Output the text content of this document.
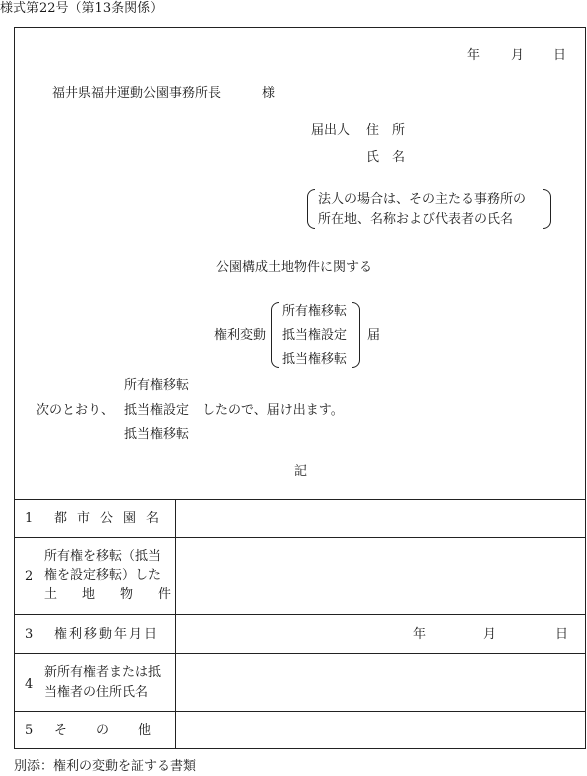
様式第22号（第13条関係）
年 月 日
福井県福井運動公園事務所長	様
届出人 住　所
氏　名
法人の場合は、その主たる事務所の
所在地、名称および代表者の氏名
公園構成土地物件に関する
権利変動
所有権移転
抵当権設定
抵当権移転
届
所有権移転
次のとおり、 抵当権設定 したので、届け出ます。
抵当権移転
記
1 都市公園名
2
所有権を移転（抵当
権を設定移転）した
土　地　物　件
3 権利移動年月日	年	月	日
4
新所有権者または抵
当権者の住所氏名
5 そ　の　他
別添：権利の変動を証する書類
